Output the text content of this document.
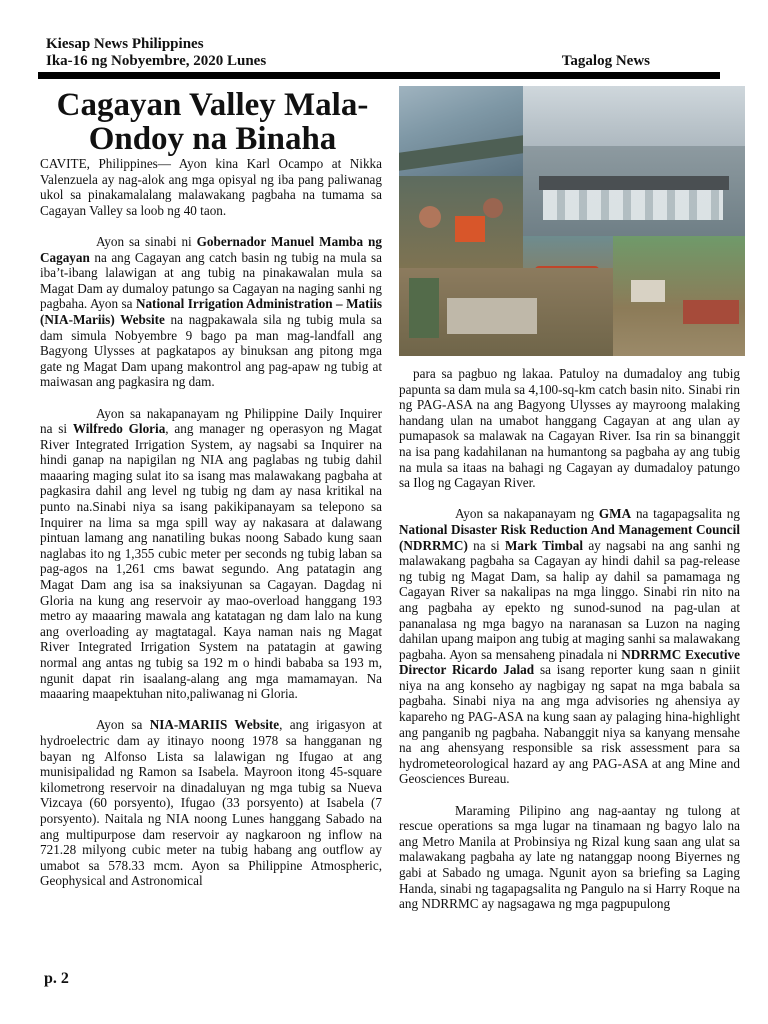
Kiesap News Philippines
Ika-16 ng Nobyembre, 2020 Lunes	Tagalog News
Cagayan Valley Mala-Ondoy na Binaha

CAVITE, Philippines— Ayon kina Karl Ocampo at Nikka Valenzuela ay nag-alok ang mga opisyal ng iba pang paliwanag ukol sa pinakamalalang malawakang pagbaha na tumama sa Cagayan Valley sa loob ng 40 taon.

Ayon sa sinabi ni Gobernador Manuel Mamba ng Cagayan na ang Cagayan ang catch basin ng tubig na mula sa iba’t-ibang lalawigan at ang tubig na pinakawalan mula sa Magat Dam ay dumaloy patungo sa Cagayan na naging sanhi ng pagbaha. Ayon sa National Irrigation Administration – Matiis (NIA-Mariis) Website na nagpakawala sila ng tubig mula sa dam simula Nobyembre 9 bago pa man mag-landfall ang Bagyong Ulysses at pagkatapos ay binuksan ang pitong mga gate ng Magat Dam upang makontrol ang pag-apaw ng tubig at maiwasan ang pagkasira ng dam.

Ayon sa nakapanayam ng Philippine Daily Inquirer na si Wilfredo Gloria, ang manager ng operasyon ng Magat River Integrated Irrigation System, ay nagsabi sa Inquirer na hindi ganap na napigilan ng NIA ang paglabas ng tubig dahil maaaring maging sulat ito sa isang mas malawakang pagbaha at pagkasira dahil ang level ng tubig ng dam ay nasa kritikal na punto na.Sinabi niya sa isang pakikipanayam sa telepono sa Inquirer na lima sa mga spill way ay nakasara at dalawang pintuan lamang ang nanatiling bukas noong Sabado kung saan naglabas ito ng 1,355 cubic meter per seconds ng tubig laban sa pag-agos na 1,261 cms bawat segundo. Ang patatagin ang Magat Dam ang isa sa inaksiyunan sa Cagayan. Dagdag ni Gloria na kung ang reservoir ay mao-overload hanggang 193 metro ay maaaring mawala ang katatagan ng dam lalo na kung ang overloading ay magtatagal. Kaya naman nais ng Magat River Integrated Irrigation System na patatagin at gawing normal ang antas ng tubig sa 192 m o hindi bababa sa 193 m, ngunit dapat rin isaalang-alang ang mga mamamayan. Na maaaring maapektuhan nito,paliwanag ni Gloria.

Ayon sa NIA-MARIIS Website, ang irigasyon at hydroelectric dam ay itinayo noong 1978 sa hangganan ng bayan ng Alfonso Lista sa lalawigan ng Ifugao at ang munisipalidad ng Ramon sa Isabela. Mayroon itong 45-square kilometrong reservoir na dinadaluyan ng mga tubig sa Nueva Vizcaya (60 porsyento), Ifugao (33 porsyento) at Isabela (7 porsyento). Naitala ng NIA noong Lunes hanggang Sabado na ang multipurpose dam reservoir ay nagkaroon ng inflow na 721.28 milyong cubic meter na tubig habang ang outflow ay umabot sa 578.33 mcm. Ayon sa Philippine Atmospheric, Geophysical and Astronomical

para sa pagbuo ng lakaa. Patuloy na dumadaloy ang tubig papunta sa dam mula sa 4,100-sq-km catch basin nito. Sinabi rin ng PAG-ASA na ang Bagyong Ulysses ay mayroong malaking handang ulan na umabot hanggang Cagayan at ang ulan ay pumapasok sa malawak na Cagayan River. Isa rin sa binanggit na isa pang kadahilanan na humantong sa pagbaha ay ang tubig na mula sa itaas na bahagi ng Cagayan ay dumadaloy patungo sa Ilog ng Cagayan River.

Ayon sa nakapanayam ng GMA na tagapagsalita ng National Disaster Risk Reduction And Management Council (NDRRMC) na si Mark Timbal ay nagsabi na ang sanhi ng malawakang pagbaha sa Cagayan ay hindi dahil sa pag-release ng tubig ng Magat Dam, sa halip ay dahil sa pamamaga ng Cagayan River sa nakalipas na mga linggo. Sinabi rin nito na ang pagbaha ay epekto ng sunod-sunod na pag-ulan at pananalasa ng mga bagyo na naranasan sa Luzon na naging dahilan upang maipon ang tubig at maging sanhi sa malawakang pagbaha. Ayon sa mensaheng pinadala ni NDRRMC Executive Director Ricardo Jalad sa isang reporter kung saan n giniit niya na ang konseho ay nagbigay ng sapat na mga babala sa pagbaha. Sinabi niya na ang mga advisories ng ahensiya ay kapareho ng PAG-ASA na kung saan ay palaging hina-highlight ang panganib ng pagbaha. Nabanggit niya sa kanyang mensahe na ang ahensyang responsible sa risk assessment para sa hydrometeorological hazard ay ang PAG-ASA at ang Mine and Geosciences Bureau.

Maraming Pilipino ang nag-aantay ng tulong at rescue operations sa mga lugar na tinamaan ng bagyo lalo na ang Metro Manila at Probinsiya ng Rizal kung saan ang ulat sa malawakang pagbaha ay late ng natanggap noong Biyernes ng gabi at Sabado ng umaga. Ngunit ayon sa briefing sa Laging Handa, sinabi ng tagapagsalita ng Pangulo na si Harry Roque na ang NDRRMC ay nagsagawa ng mga pagpupulong

p. 2
